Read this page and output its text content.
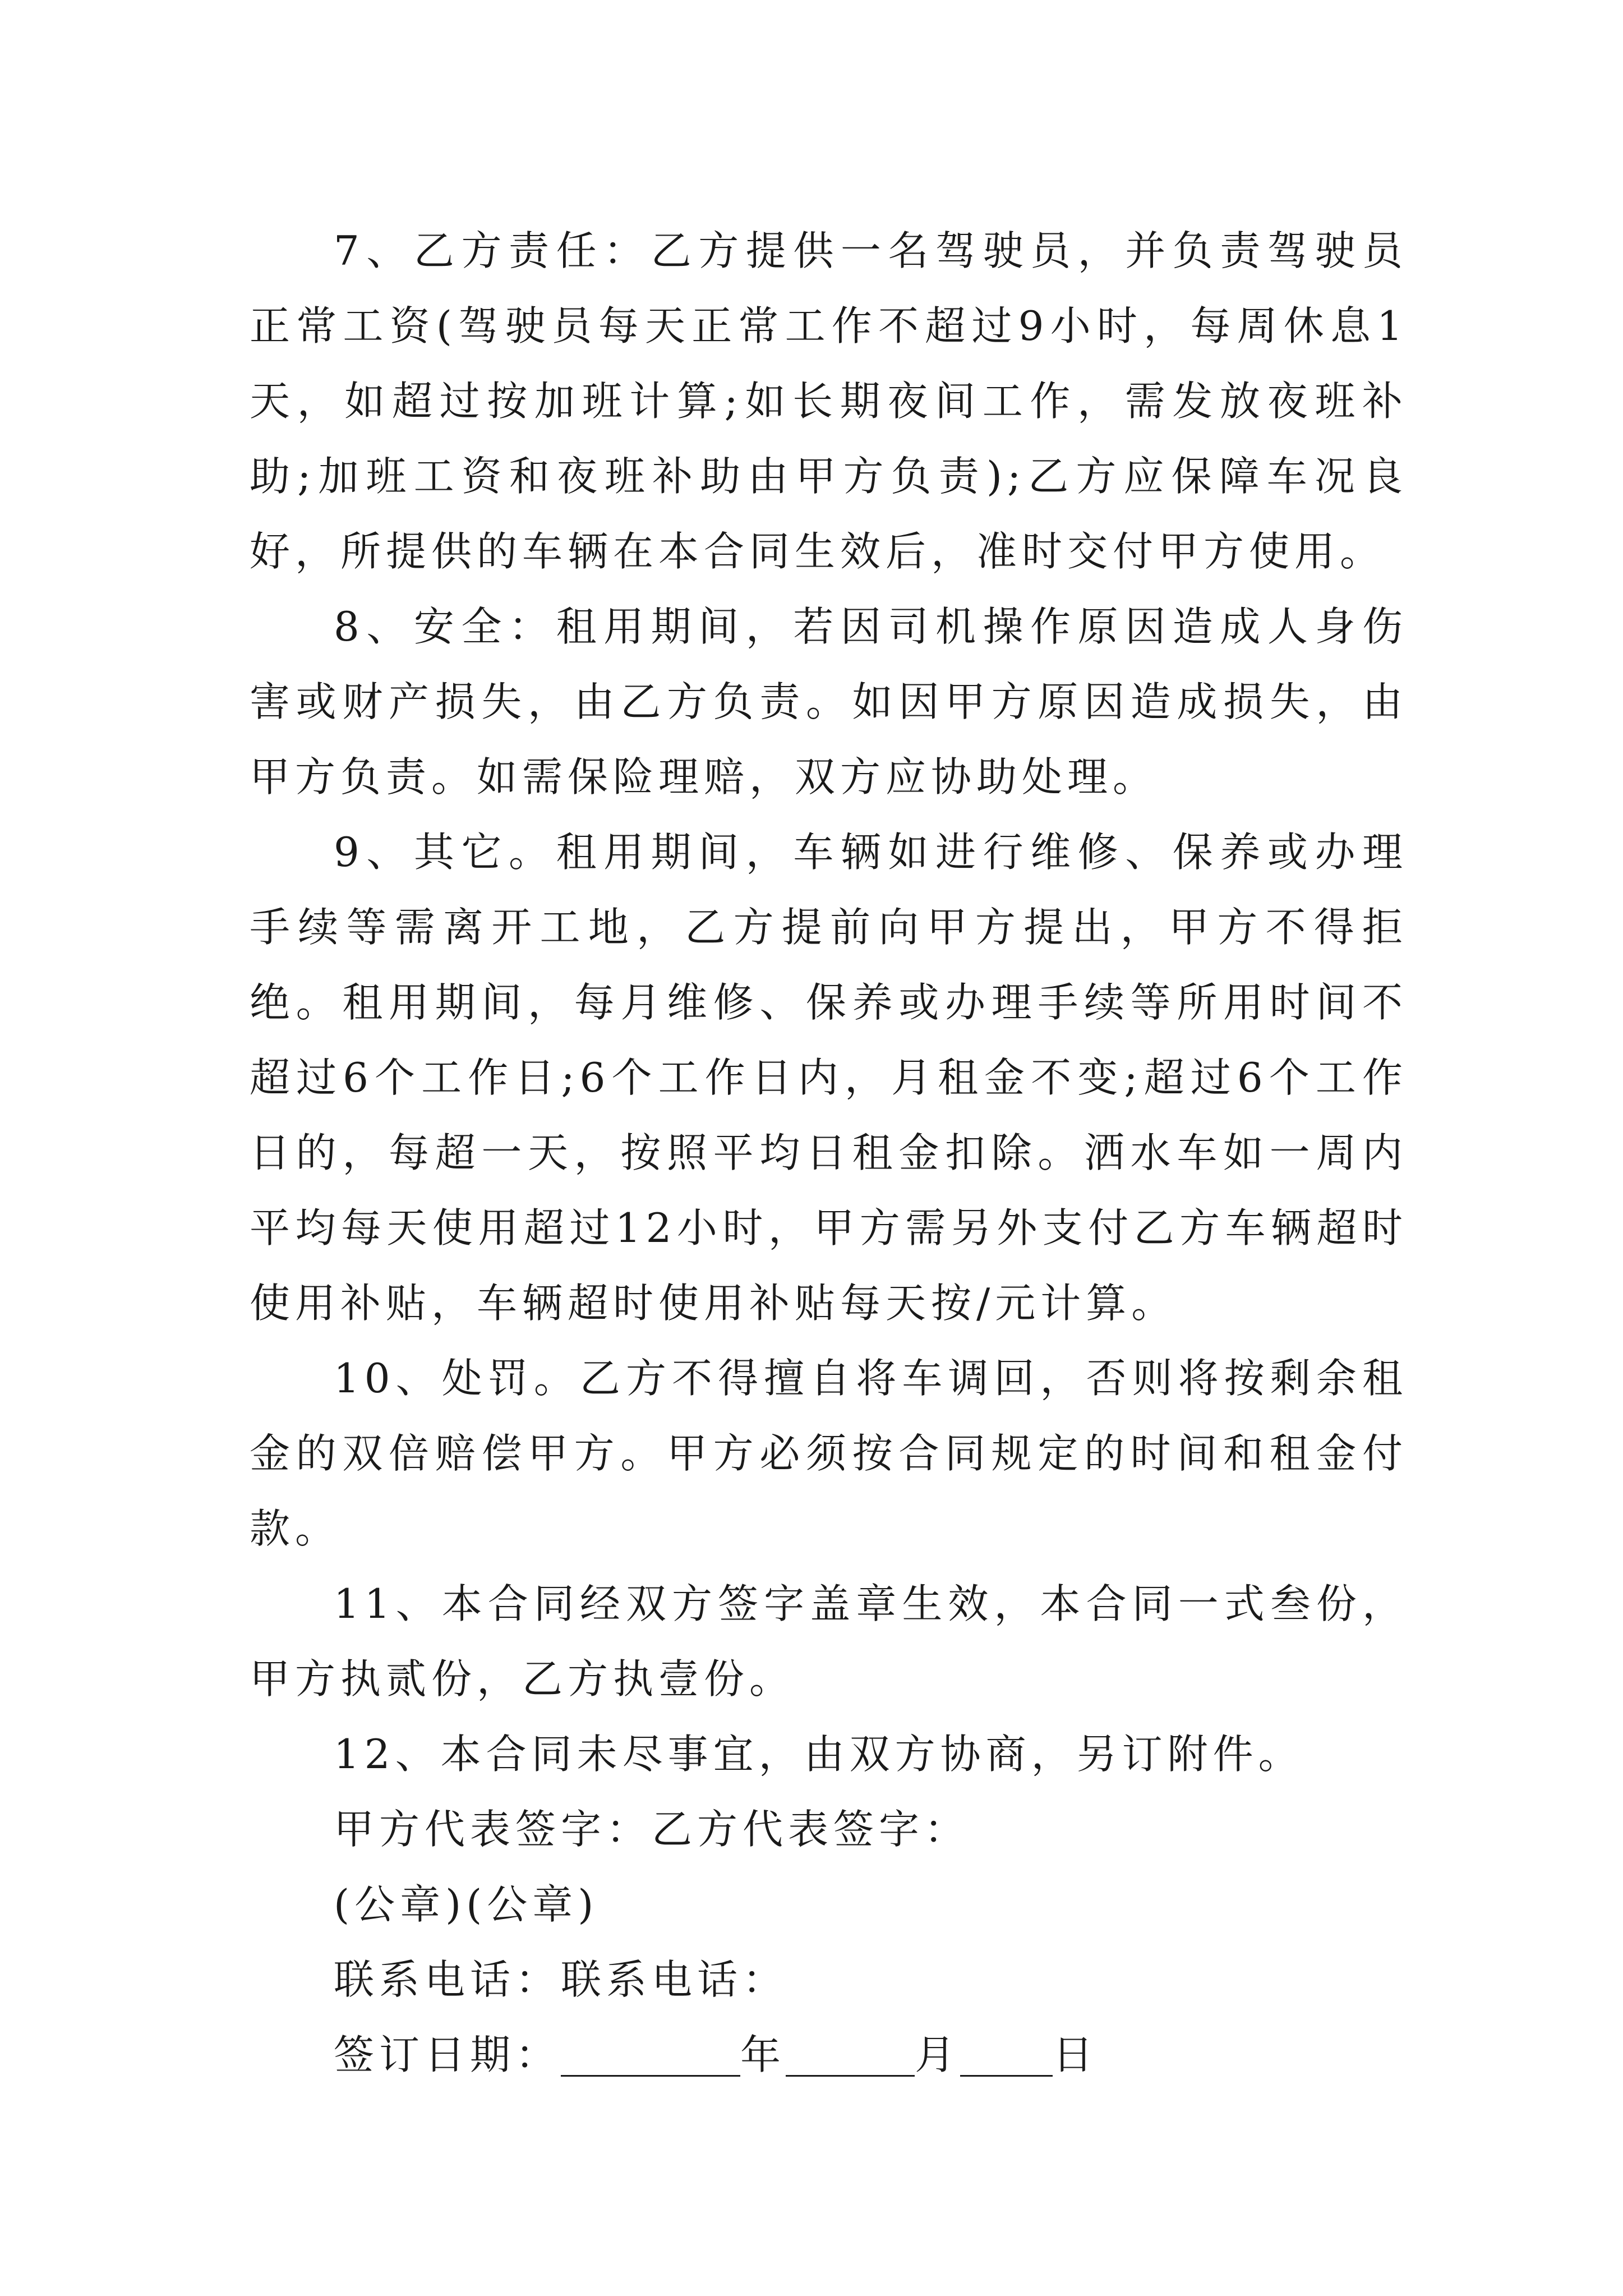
7、乙方责任：乙方提供一名驾驶员，并负责驾驶员正常工资(驾驶员每天正常工作不超过9小时，每周休息1天，如超过按加班计算;如长期夜间工作，需发放夜班补助;加班工资和夜班补助由甲方负责);乙方应保障车况良好，所提供的车辆在本合同生效后，准时交付甲方使用。

8、安全：租用期间，若因司机操作原因造成人身伤害或财产损失，由乙方负责。如因甲方原因造成损失，由甲方负责。如需保险理赔，双方应协助处理。

9、其它。租用期间，车辆如进行维修、保养或办理手续等需离开工地，乙方提前向甲方提出，甲方不得拒绝。租用期间，每月维修、保养或办理手续等所用时间不超过6个工作日;6个工作日内，月租金不变;超过6个工作日的，每超一天，按照平均日租金扣除。洒水车如一周内平均每天使用超过12小时，甲方需另外支付乙方车辆超时使用补贴，车辆超时使用补贴每天按/元计算。

10、处罚。乙方不得擅自将车调回，否则将按剩余租金的双倍赔偿甲方。甲方必须按合同规定的时间和租金付款。

11、本合同经双方签字盖章生效，本合同一式叁份，甲方执贰份，乙方执壹份。

12、本合同未尽事宜，由双方协商，另订附件。

甲方代表签字：乙方代表签字：

(公章)(公章)

联系电话：联系电话：

签订日期：	年	月 日
